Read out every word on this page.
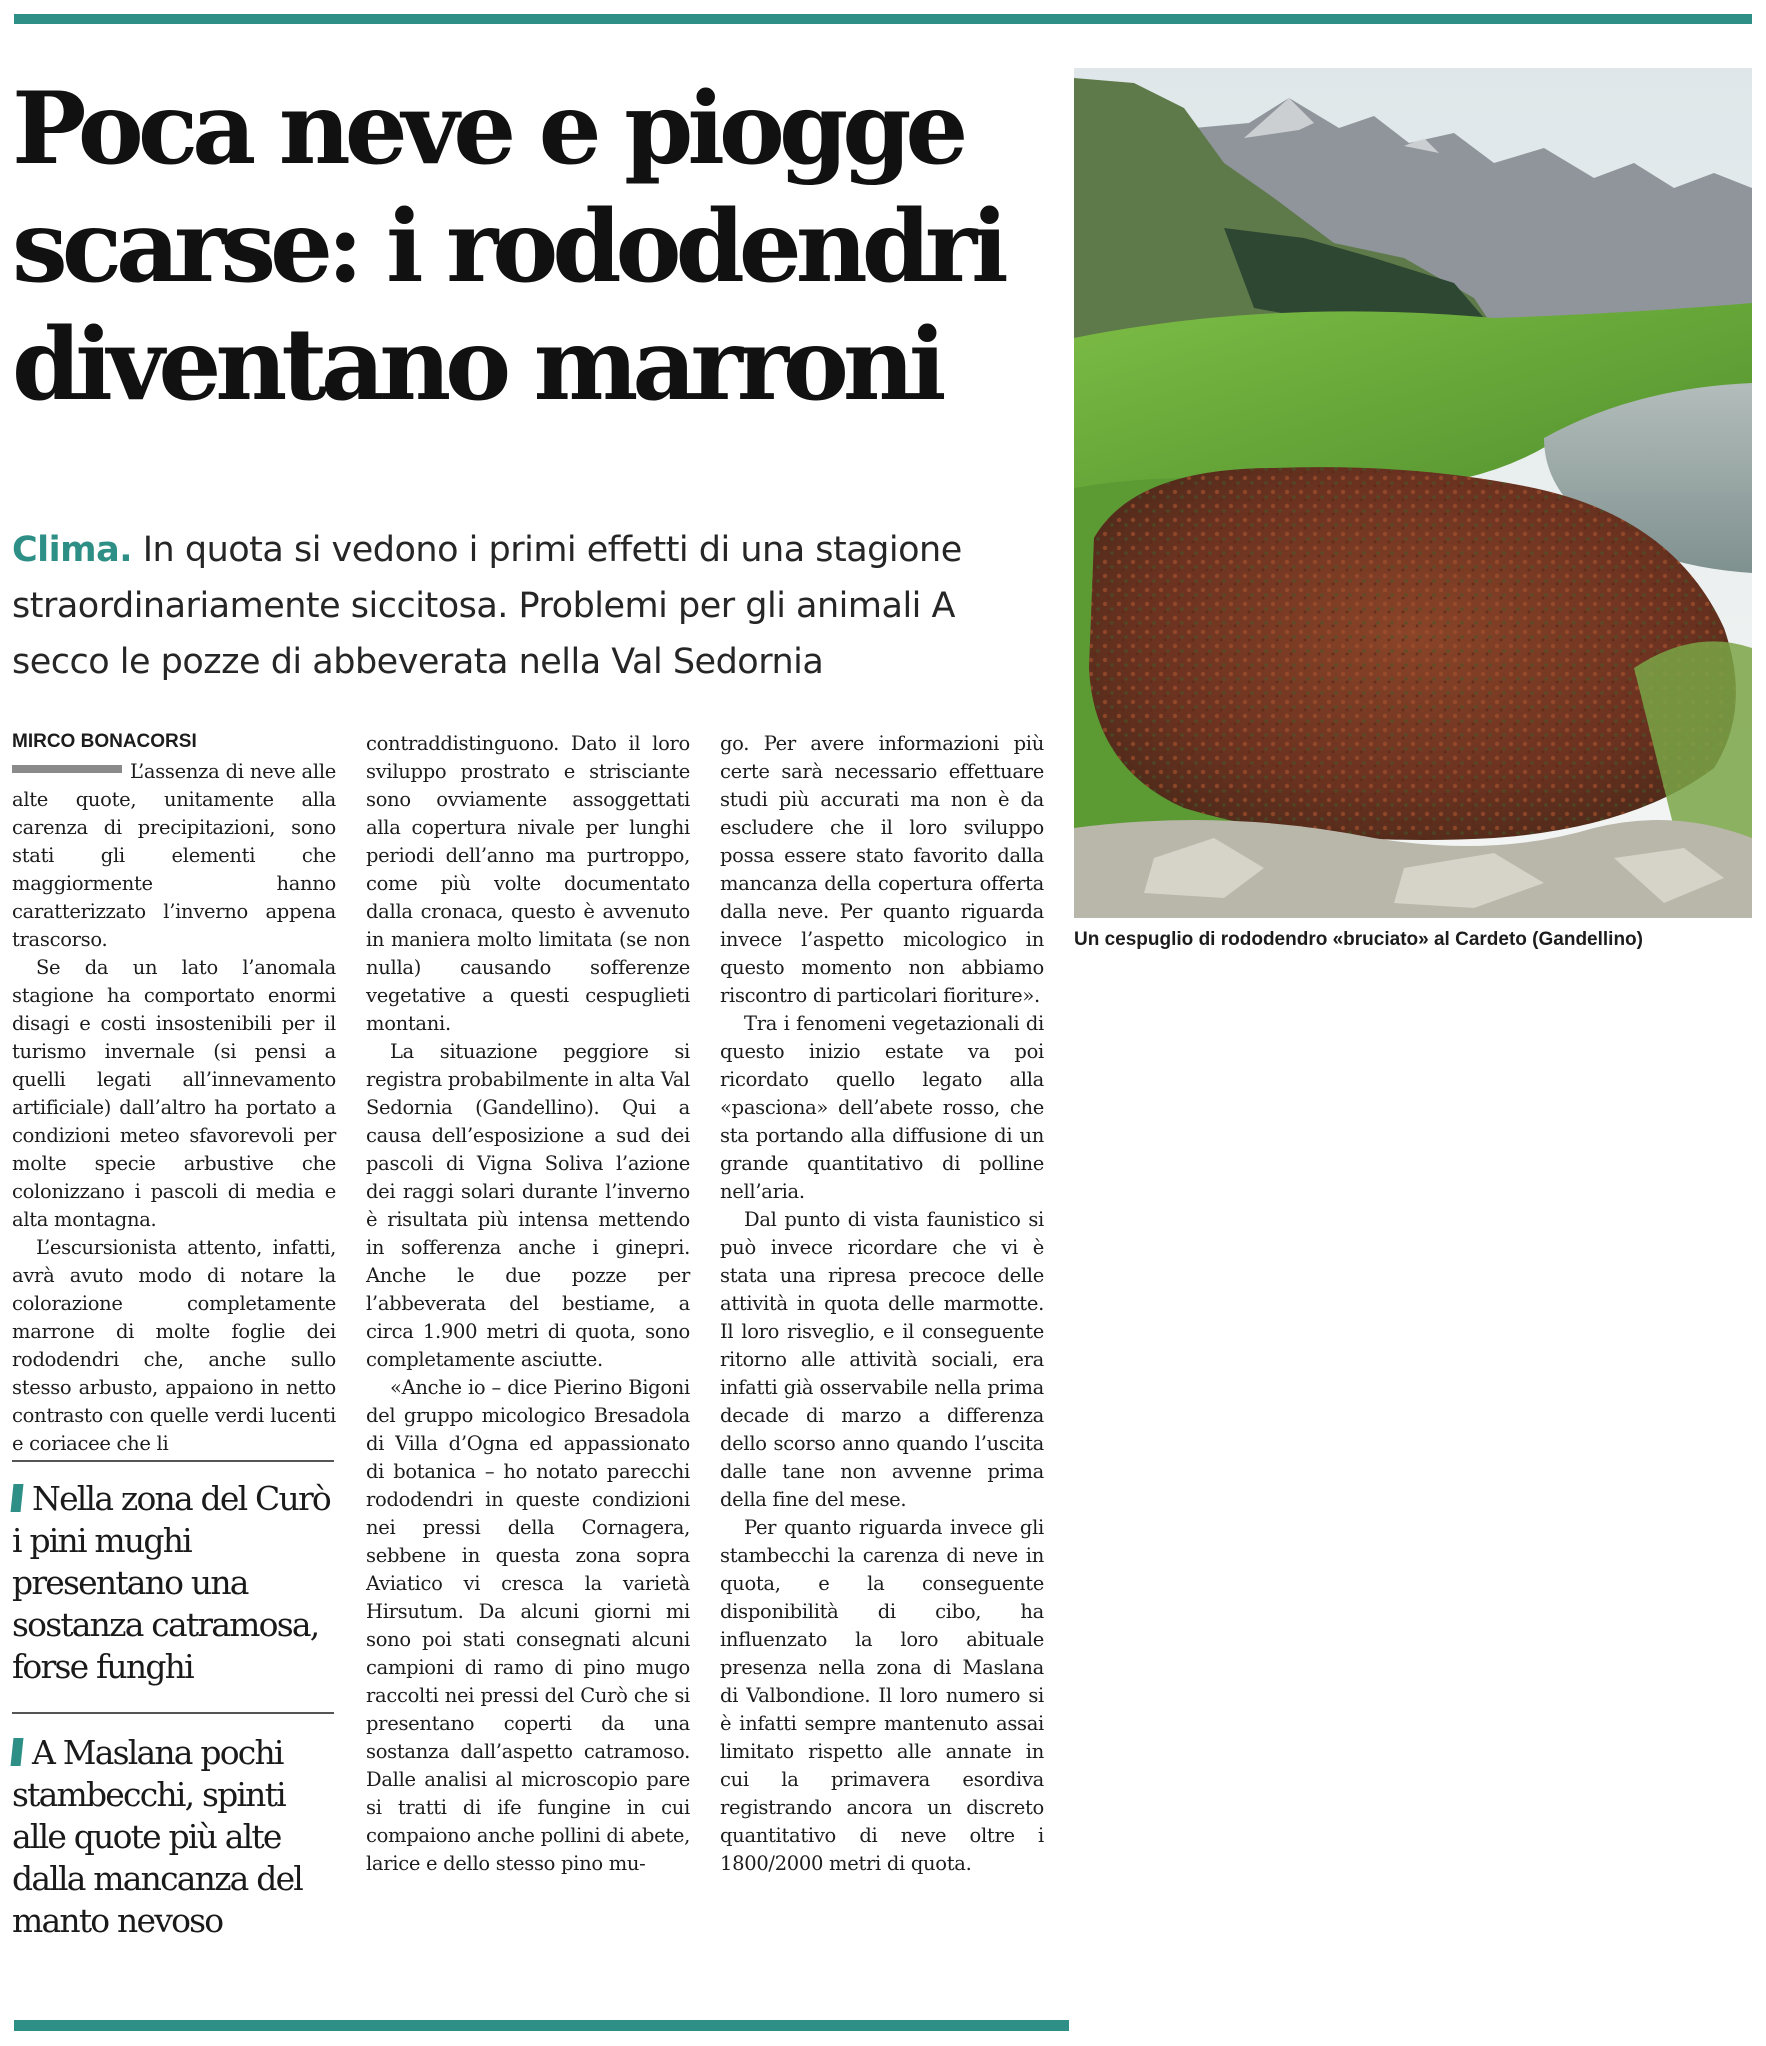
Poca neve e piogge scarse: i rododendri diventano marroni

Clima. In quota si vedono i primi effetti di una stagione straordinariamente siccitosa. Problemi per gli animali A secco le pozze di abbeverata nella Val Sedornia

MIRCO BONACORSI

L’assenza di neve alle alte quote, unitamente alla carenza di precipitazioni, sono stati gli elementi che maggiormente hanno caratterizzato l’inverno appena trascorso.

Se da un lato l’anomala stagione ha comportato enormi disagi e costi insostenibili per il turismo invernale (si pensi a quelli legati all’innevamento artificiale) dall’altro ha portato a condizioni meteo sfavorevoli per molte specie arbustive che colonizzano i pascoli di media e alta montagna.

L’escursionista attento, infatti, avrà avuto modo di notare la colorazione completamente marrone di molte foglie dei rododendri che, anche sullo stesso arbusto, appaiono in netto contrasto con quelle verdi lucenti e coriacee che li

Nella zona del Curò i pini mughi presentano una sostanza catramosa, forse funghi

A Maslana pochi stambecchi, spinti alle quote più alte dalla mancanza del manto nevoso

contraddistinguono. Dato il loro sviluppo prostrato e strisciante sono ovviamente assoggettati alla copertura nivale per lunghi periodi dell’anno ma purtroppo, come più volte documentato dalla cronaca, questo è avvenuto in maniera molto limitata (se non nulla) causando sofferenze vegetative a questi cespuglieti montani.

La situazione peggiore si registra probabilmente in alta Val Sedornia (Gandellino). Qui a causa dell’esposizione a sud dei pascoli di Vigna Soliva l’azione dei raggi solari durante l’inverno è risultata più intensa mettendo in sofferenza anche i ginepri. Anche le due pozze per l’abbeverata del bestiame, a circa 1.900 metri di quota, sono completamente asciutte.

«Anche io – dice Pierino Bigoni del gruppo micologico Bresadola di Villa d’Ogna ed appassionato di botanica – ho notato parecchi rododendri in queste condizioni nei pressi della Cornagera, sebbene in questa zona sopra Aviatico vi cresca la varietà Hirsutum. Da alcuni giorni mi sono poi stati consegnati alcuni campioni di ramo di pino mugo raccolti nei pressi del Curò che si presentano coperti da una sostanza dall’aspetto catramoso. Dalle analisi al microscopio pare si tratti di ife fungine in cui compaiono anche pollini di abete, larice e dello stesso pino mu-

go. Per avere informazioni più certe sarà necessario effettuare studi più accurati ma non è da escludere che il loro sviluppo possa essere stato favorito dalla mancanza della copertura offerta dalla neve. Per quanto riguarda invece l’aspetto micologico in questo momento non abbiamo riscontro di particolari fioriture».

Tra i fenomeni vegetazionali di questo inizio estate va poi ricordato quello legato alla «pasciona» dell’abete rosso, che sta portando alla diffusione di un grande quantitativo di polline nell’aria.

Dal punto di vista faunistico si può invece ricordare che vi è stata una ripresa precoce delle attività in quota delle marmotte. Il loro risveglio, e il conseguente ritorno alle attività sociali, era infatti già osservabile nella prima decade di marzo a differenza dello scorso anno quando l’uscita dalle tane non avvenne prima della fine del mese.

Per quanto riguarda invece gli stambecchi la carenza di neve in quota, e la conseguente disponibilità di cibo, ha influenzato la loro abituale presenza nella zona di Maslana di Valbondione. Il loro numero si è infatti sempre mantenuto assai limitato rispetto alle annate in cui la primavera esordiva registrando ancora un discreto quantitativo di neve oltre i 1800/2000 metri di quota.

Un cespuglio di rododendro «bruciato» al Cardeto (Gandellino)
